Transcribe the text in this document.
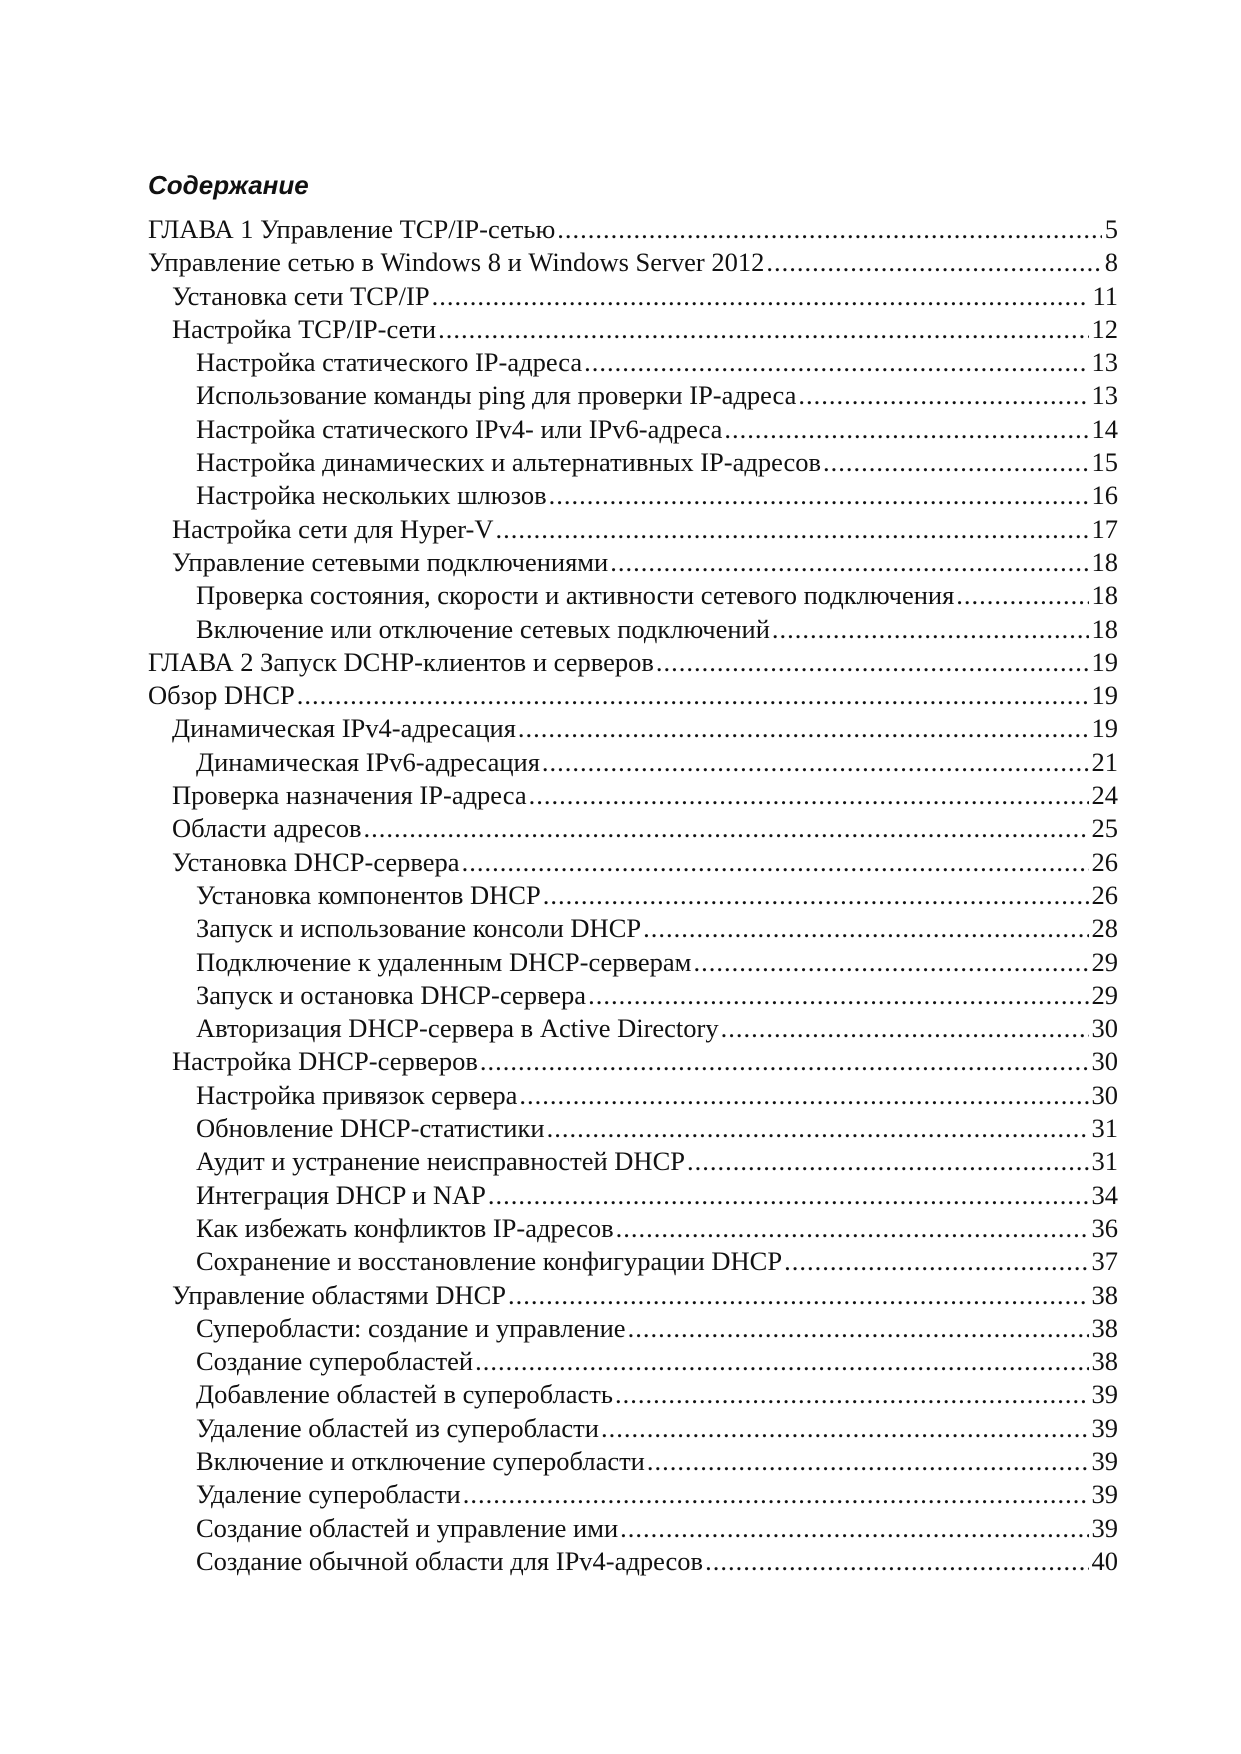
Содержание
ГЛАВА 1 Управление TCP/IP-сетью .....	5
Управление сетью в Windows 8 и Windows Server 2012 .....	8
Установка сети TCP/IP .....	11
Настройка TCP/IP-сети .....	12
Настройка статического IP-адреса .....	13
Использование команды ping для проверки IP-адреса .....	13
Настройка статического IPv4- или IPv6-адреса .....	14
Настройка динамических и альтернативных IP-адресов .....	15
Настройка нескольких шлюзов .....	16
Настройка сети для Hyper-V .....	17
Управление сетевыми подключениями .....	18
Проверка состояния, скорости и активности сетевого подключения .....	18
Включение или отключение сетевых подключений .....	18
ГЛАВА 2 Запуск DCHP-клиентов и серверов .....	19
Обзор DHCP .....	19
Динамическая IPv4-адресация .....	19
Динамическая IPv6-адресация .....	21
Проверка назначения IP-адреса .....	24
Области адресов .....	25
Установка DHCP-сервера .....	26
Установка компонентов DHCP .....	26
Запуск и использование консоли DHCP .....	28
Подключение к удаленным DHCP-серверам .....	29
Запуск и остановка DHCP-сервера .....	29
Авторизация DHCP-сервера в Active Directory .....	30
Настройка DHCP-серверов .....	30
Настройка привязок сервера .....	30
Обновление DHCP-статистики .....	31
Аудит и устранение неисправностей DHCP .....	31
Интеграция DHCP и NAP .....	34
Как избежать конфликтов IP-адресов .....	36
Сохранение и восстановление конфигурации DHCP .....	37
Управление областями DHCP .....	38
Суперобласти: создание и управление .....	38
Создание суперобластей .....	38
Добавление областей в суперобласть .....	39
Удаление областей из суперобласти .....	39
Включение и отключение суперобласти .....	39
Удаление суперобласти .....	39
Создание областей и управление ими .....	39
Создание обычной области для IPv4-адресов .....	40
